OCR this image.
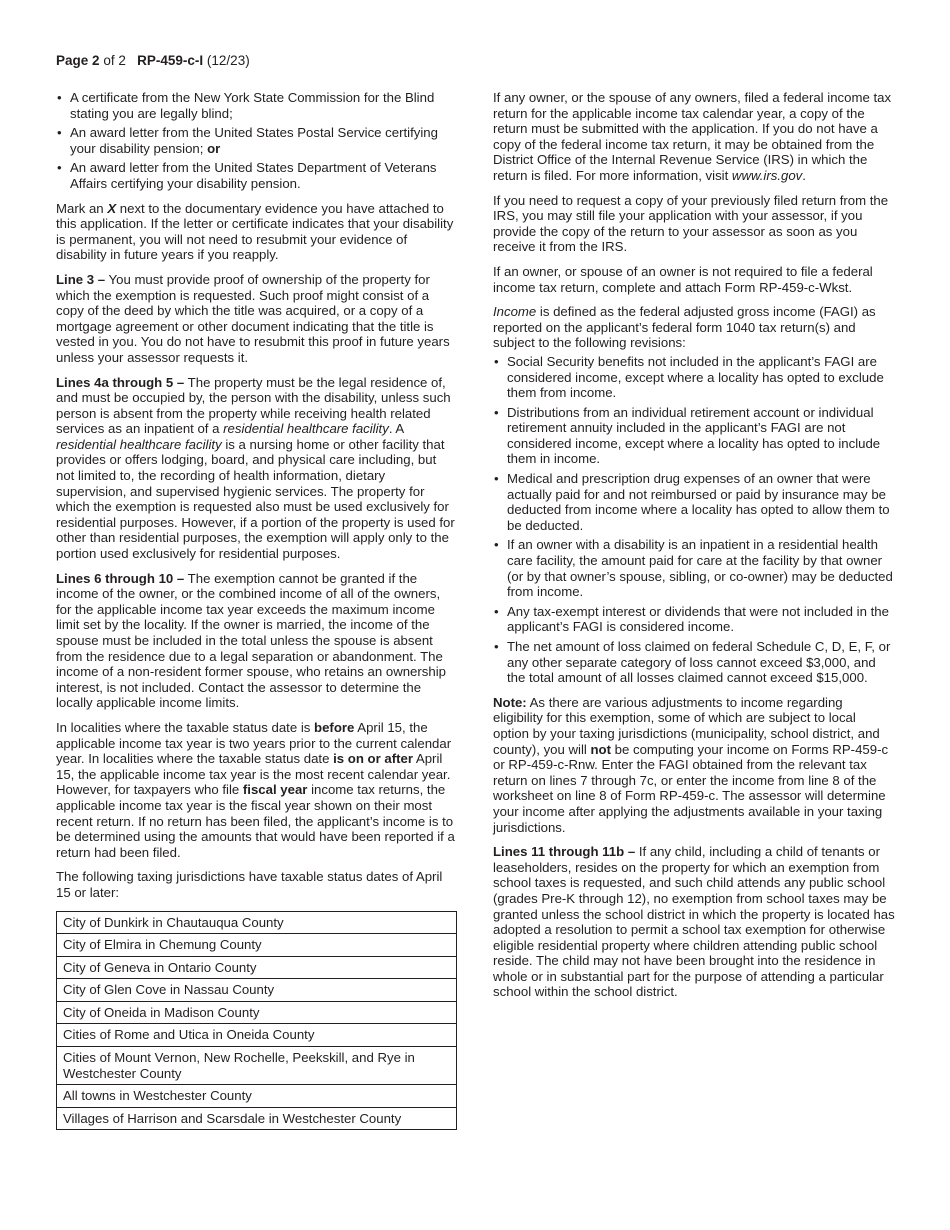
Page 2 of 2 RP-459-c-I (12/23)
• A certificate from the New York State Commission for the Blind stating you are legally blind;
• An award letter from the United States Postal Service certifying your disability pension; or
• An award letter from the United States Department of Veterans Affairs certifying your disability pension.

Mark an X next to the documentary evidence you have attached to this application. If the letter or certificate indicates that your disability is permanent, you will not need to resubmit your evidence of disability in future years if you reapply.

Line 3 – You must provide proof of ownership of the property for which the exemption is requested. Such proof might consist of a copy of the deed by which the title was acquired, or a copy of a mortgage agreement or other document indicating that the title is vested in you. You do not have to resubmit this proof in future years unless your assessor requests it.

Lines 4a through 5 – The property must be the legal residence of, and must be occupied by, the person with the disability, unless such person is absent from the property while receiving health related services as an inpatient of a residential healthcare facility. A residential healthcare facility is a nursing home or other facility that provides or offers lodging, board, and physical care including, but not limited to, the recording of health information, dietary supervision, and supervised hygienic services. The property for which the exemption is requested also must be used exclusively for residential purposes. However, if a portion of the property is used for other than residential purposes, the exemption will apply only to the portion used exclusively for residential purposes.

Lines 6 through 10 – The exemption cannot be granted if the income of the owner, or the combined income of all of the owners, for the applicable income tax year exceeds the maximum income limit set by the locality. If the owner is married, the income of the spouse must be included in the total unless the spouse is absent from the residence due to a legal separation or abandonment. The income of a non-resident former spouse, who retains an ownership interest, is not included. Contact the assessor to determine the locally applicable income limits.

In localities where the taxable status date is before April 15, the applicable income tax year is two years prior to the current calendar year. In localities where the taxable status date is on or after April 15, the applicable income tax year is the most recent calendar year. However, for taxpayers who file fiscal year income tax returns, the applicable income tax year is the fiscal year shown on their most recent return. If no return has been filed, the applicant’s income is to be determined using the amounts that would have been reported if a return had been filed.

The following taxing jurisdictions have taxable status dates of April 15 or later:

City of Dunkirk in Chautauqua County
City of Elmira in Chemung County
City of Geneva in Ontario County
City of Glen Cove in Nassau County
City of Oneida in Madison County
Cities of Rome and Utica in Oneida County
Cities of Mount Vernon, New Rochelle, Peekskill, and Rye in Westchester County
All towns in Westchester County
Villages of Harrison and Scarsdale in Westchester County

If any owner, or the spouse of any owners, filed a federal income tax return for the applicable income tax calendar year, a copy of the return must be submitted with the application. If you do not have a copy of the federal income tax return, it may be obtained from the District Office of the Internal Revenue Service (IRS) in which the return is filed. For more information, visit www.irs.gov.

If you need to request a copy of your previously filed return from the IRS, you may still file your application with your assessor, if you provide the copy of the return to your assessor as soon as you receive it from the IRS.

If an owner, or spouse of an owner is not required to file a federal income tax return, complete and attach Form RP-459-c-Wkst.

Income is defined as the federal adjusted gross income (FAGI) as reported on the applicant’s federal form 1040 tax return(s) and subject to the following revisions:

• Social Security benefits not included in the applicant’s FAGI are considered income, except where a locality has opted to exclude them from income.
• Distributions from an individual retirement account or individual retirement annuity included in the applicant’s FAGI are not considered income, except where a locality has opted to include them in income.
• Medical and prescription drug expenses of an owner that were actually paid for and not reimbursed or paid by insurance may be deducted from income where a locality has opted to allow them to be deducted.
• If an owner with a disability is an inpatient in a residential health care facility, the amount paid for care at the facility by that owner (or by that owner’s spouse, sibling, or co-owner) may be deducted from income.
• Any tax-exempt interest or dividends that were not included in the applicant’s FAGI is considered income.
• The net amount of loss claimed on federal Schedule C, D, E, F, or any other separate category of loss cannot exceed $3,000, and the total amount of all losses claimed cannot exceed $15,000.

Note: As there are various adjustments to income regarding eligibility for this exemption, some of which are subject to local option by your taxing jurisdictions (municipality, school district, and county), you will not be computing your income on Forms RP-459-c or RP-459-c-Rnw. Enter the FAGI obtained from the relevant tax return on lines 7 through 7c, or enter the income from line 8 of the worksheet on line 8 of Form RP-459-c. The assessor will determine your income after applying the adjustments available in your taxing jurisdictions.

Lines 11 through 11b – If any child, including a child of tenants or leaseholders, resides on the property for which an exemption from school taxes is requested, and such child attends any public school (grades Pre-K through 12), no exemption from school taxes may be granted unless the school district in which the property is located has adopted a resolution to permit a school tax exemption for otherwise eligible residential property where children attending public school reside. The child may not have been brought into the residence in whole or in substantial part for the purpose of attending a particular school within the school district.
